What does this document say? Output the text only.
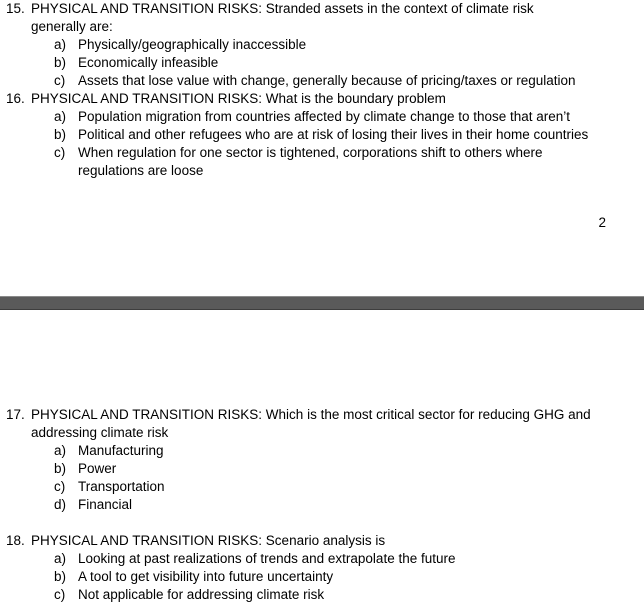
15. PHYSICAL AND TRANSITION RISKS: Stranded assets in the context of climate risk generally are:
a) Physically/geographically inaccessible
b) Economically infeasible
c) Assets that lose value with change, generally because of pricing/taxes or regulation
16. PHYSICAL AND TRANSITION RISKS: What is the boundary problem
a) Population migration from countries affected by climate change to those that aren’t
b) Political and other refugees who are at risk of losing their lives in their home countries
c) When regulation for one sector is tightened, corporations shift to others where regulations are loose
2
17. PHYSICAL AND TRANSITION RISKS: Which is the most critical sector for reducing GHG and addressing climate risk
a) Manufacturing
b) Power
c) Transportation
d) Financial
18. PHYSICAL AND TRANSITION RISKS: Scenario analysis is
a) Looking at past realizations of trends and extrapolate the future
b) A tool to get visibility into future uncertainty
c) Not applicable for addressing climate risk
